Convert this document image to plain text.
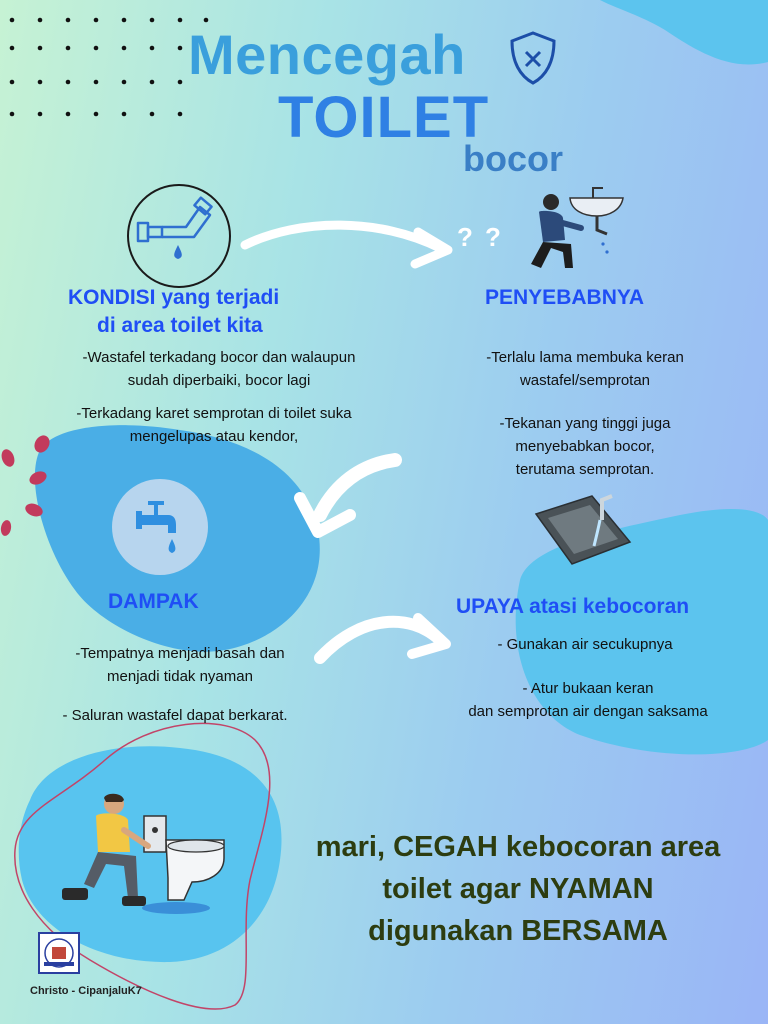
Mencegah
TOILET
bocor
? ?
KONDISI yang terjadi
di area toilet kita
-Wastafel terkadang bocor dan walaupun
sudah diperbaiki, bocor lagi
-Terkadang karet semprotan di toilet suka
mengelupas atau kendor,
PENYEBABNYA
-Terlalu lama membuka keran
wastafel/semprotan
-Tekanan yang tinggi juga
menyebabkan bocor,
terutama semprotan.
DAMPAK
-Tempatnya menjadi basah dan
menjadi tidak nyaman
- Saluran wastafel dapat berkarat.
UPAYA atasi kebocoran
- Gunakan air secukupnya
- Atur bukaan keran
dan semprotan air dengan saksama
mari, CEGAH kebocoran area
toilet agar NYAMAN
digunakan BERSAMA
Christo - CipanjaluK7
